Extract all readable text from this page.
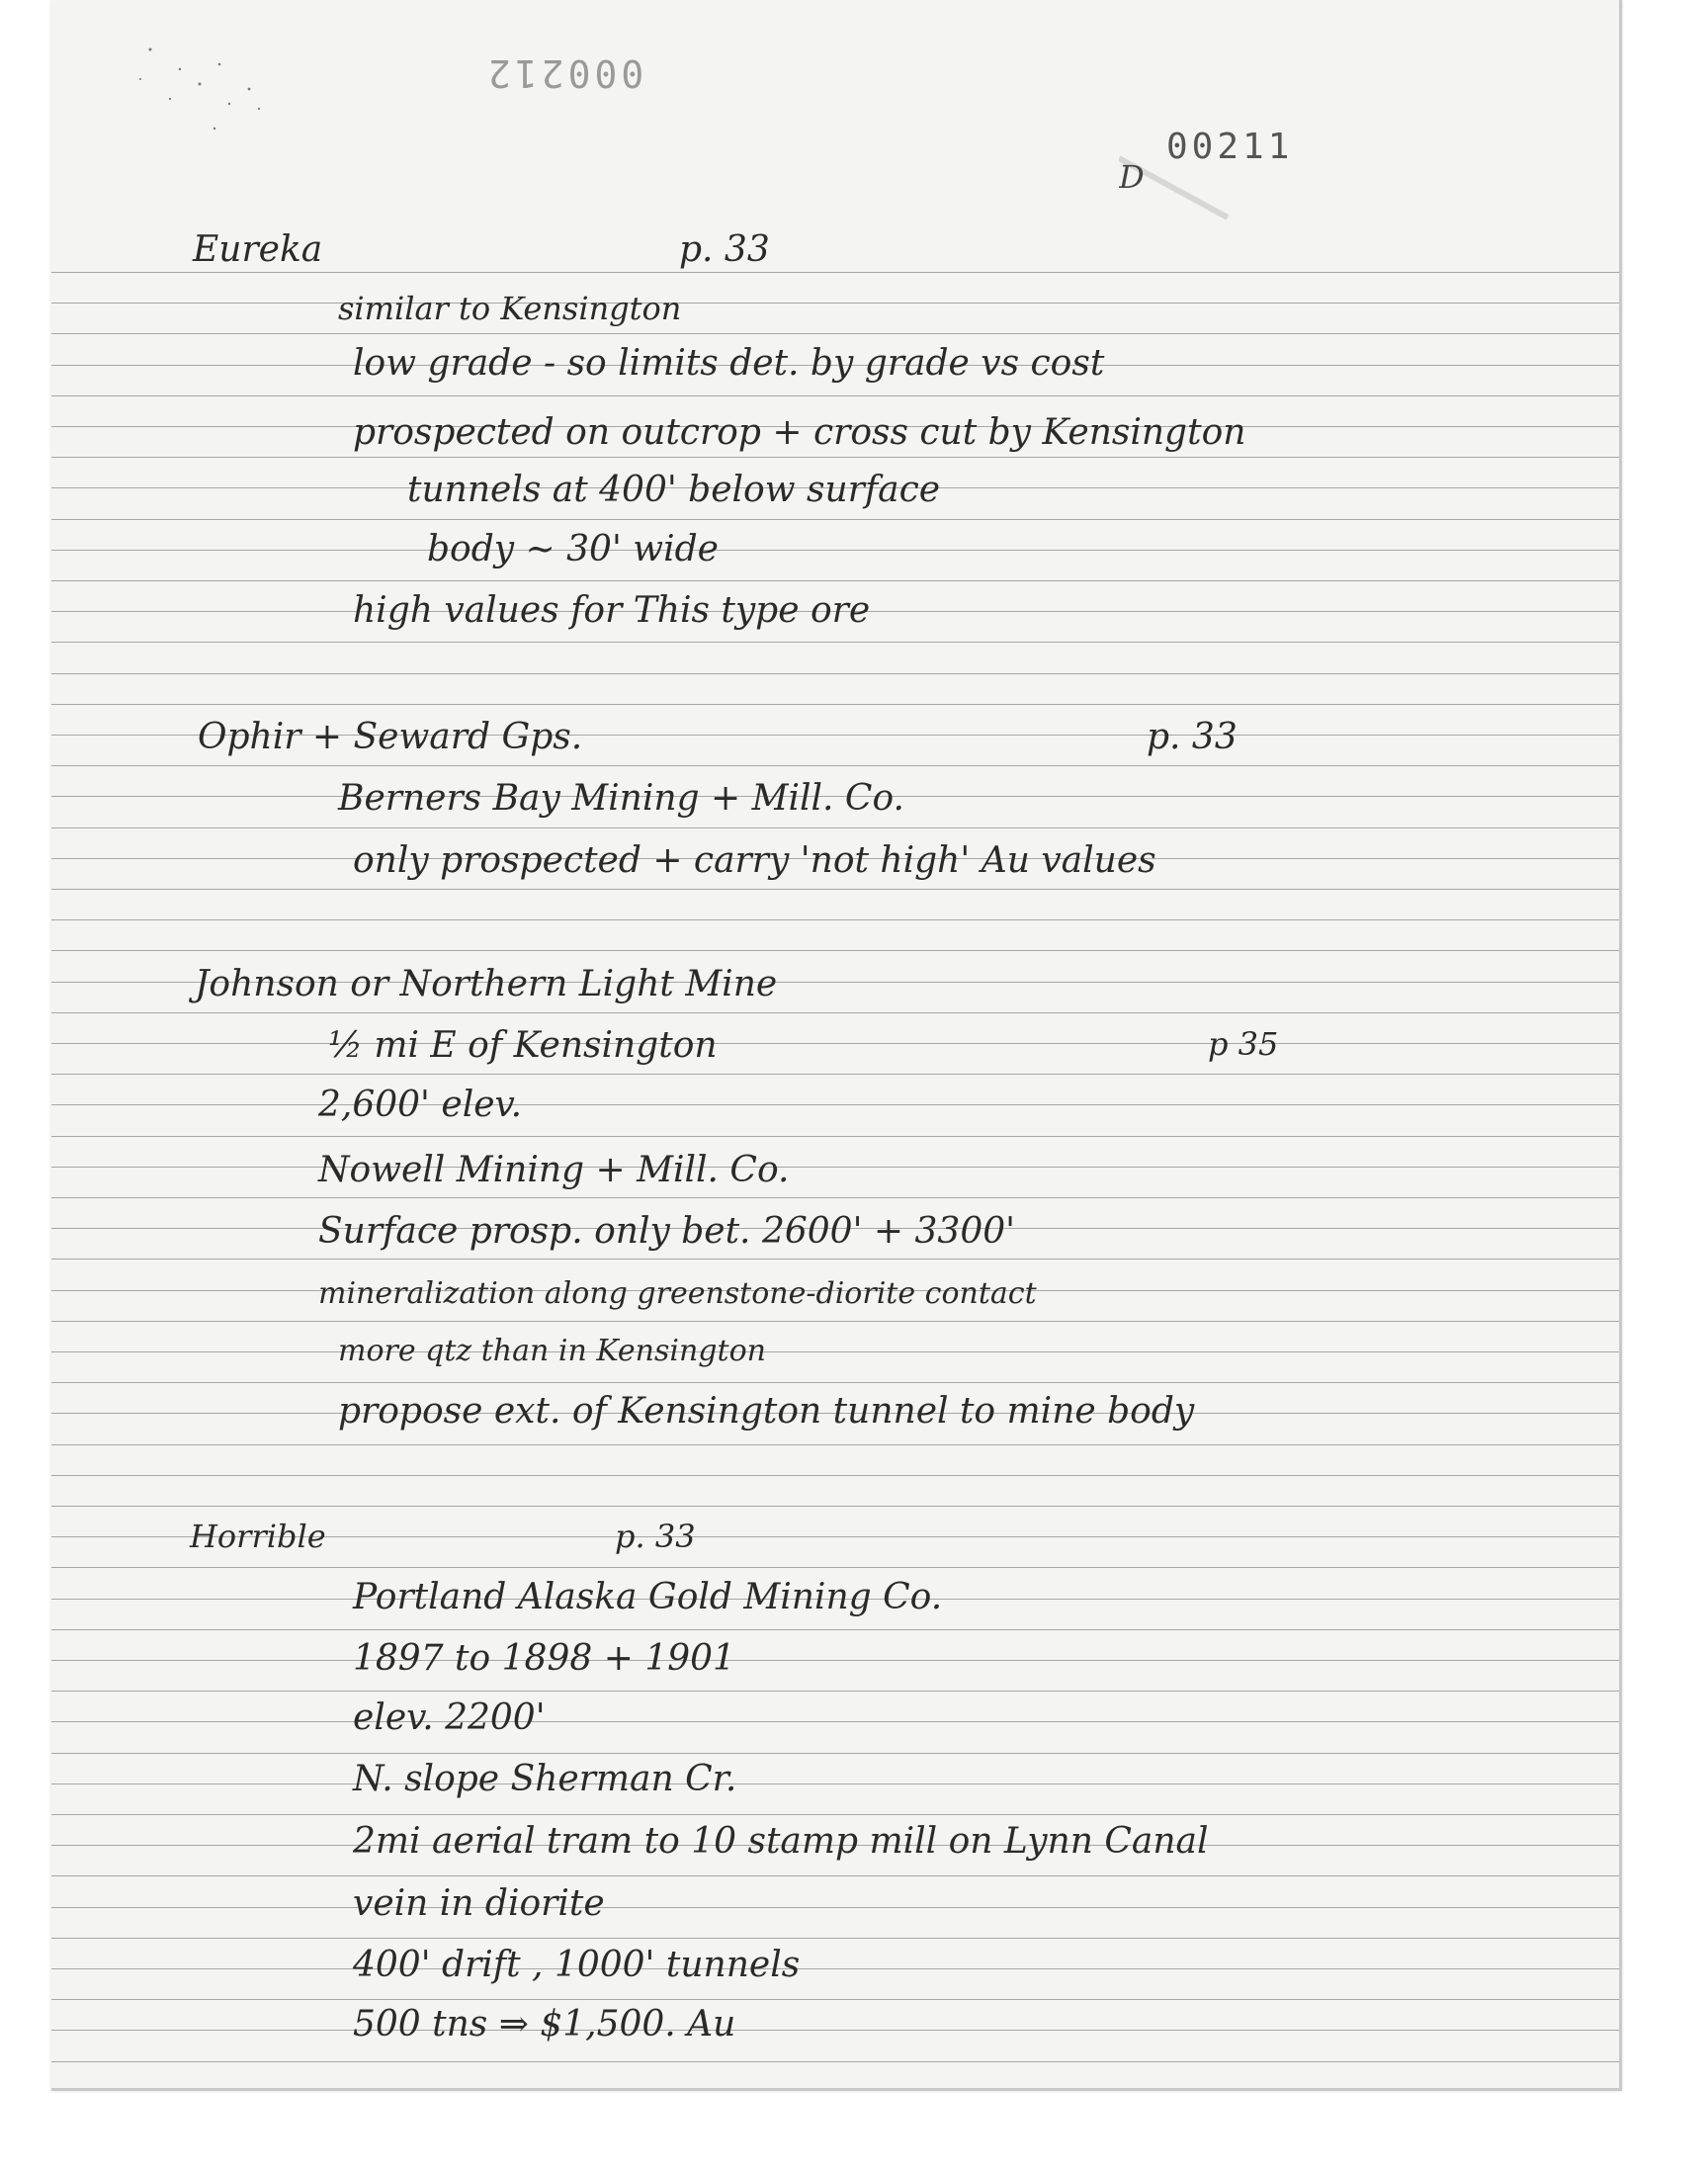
D
000212
00211
Eureka	p. 33
similar to Kensington
low grade - so limits det. by grade vs cost
prospected on outcrop + cross cut by Kensington
tunnels at 400' below surface
body ~ 30' wide
high values for This type ore
Ophir + Seward Gps.	p. 33
Berners Bay Mining + Mill. Co.
only prospected + carry 'not high' Au values
Johnson or Northern Light Mine
p 35
½ mi E of Kensington
2,600' elev.
Nowell Mining + Mill. Co.
Surface prosp. only bet. 2600' + 3300'
mineralization along greenstone-diorite contact
more qtz than in Kensington
propose ext. of Kensington tunnel to mine body
Horrible	p. 33
Portland Alaska Gold Mining Co.
1897 to 1898 + 1901
elev. 2200'
N. slope Sherman Cr.
2mi aerial tram to 10 stamp mill on Lynn Canal
vein in diorite
400' drift , 1000' tunnels
500 tns ⇒ $1,500. Au
